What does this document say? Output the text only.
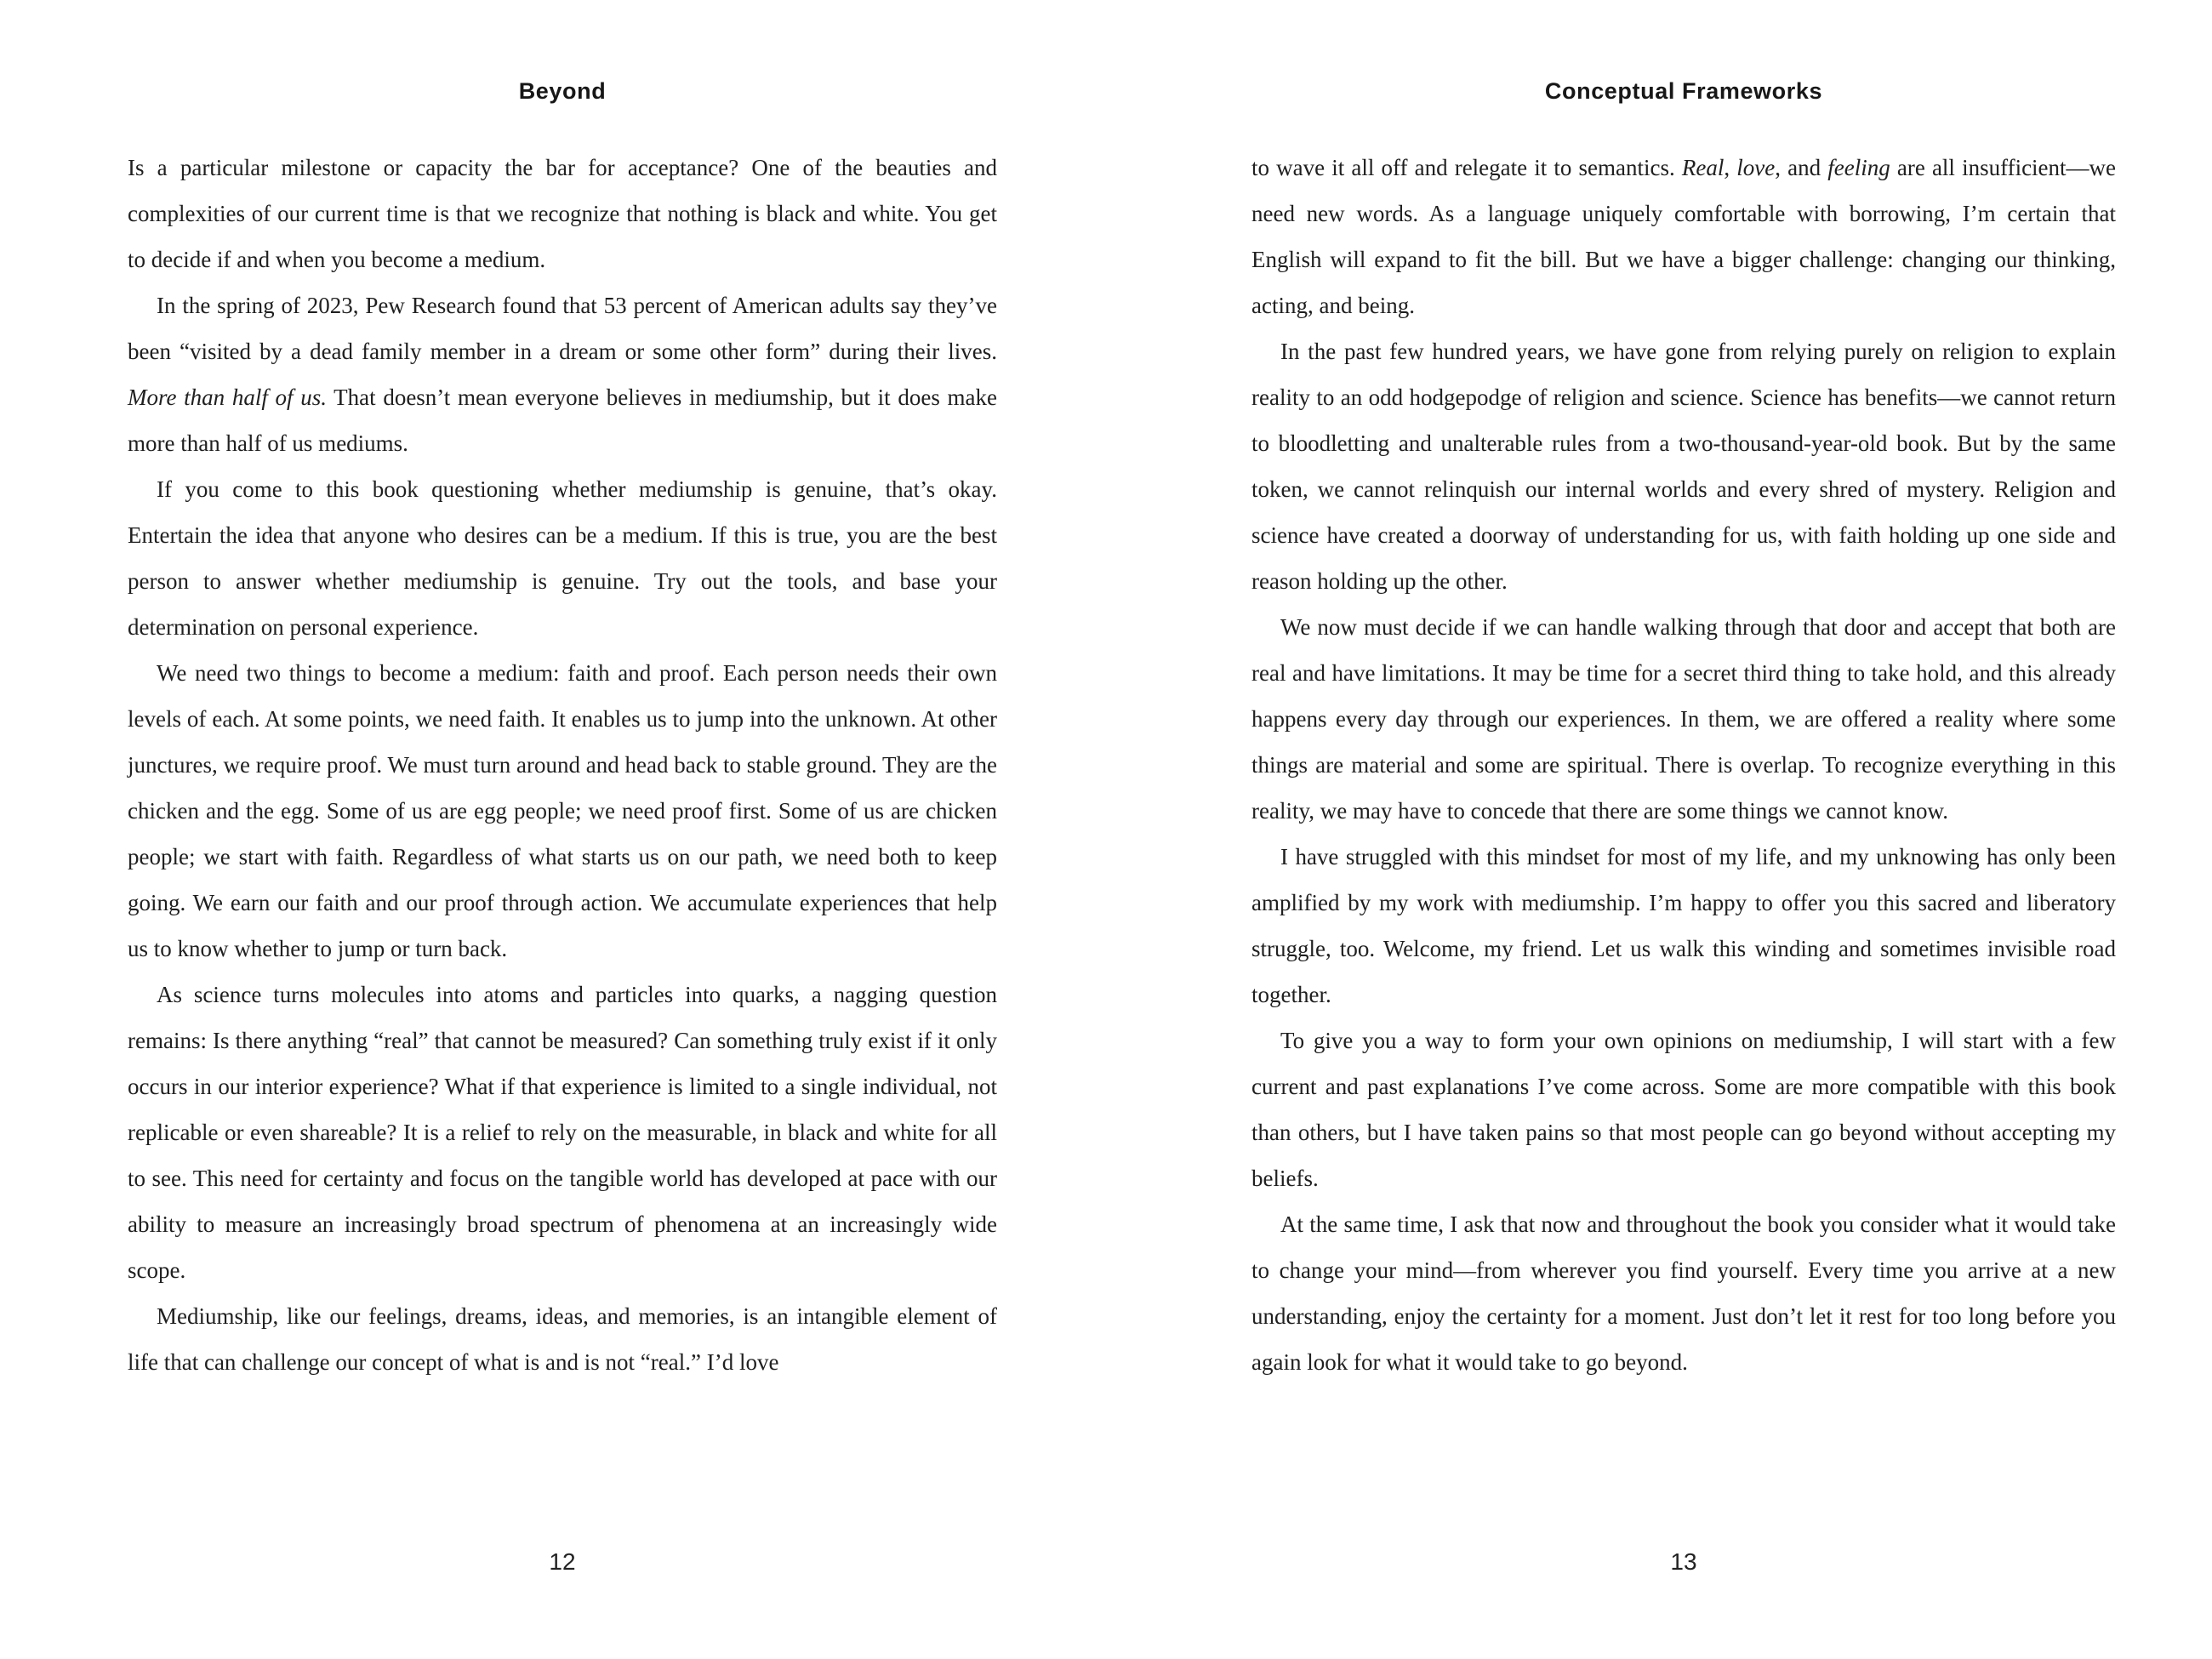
Beyond

Is a particular milestone or capacity the bar for acceptance? One of the beauties and complexities of our current time is that we recognize that nothing is black and white. You get to decide if and when you become a medium.

In the spring of 2023, Pew Research found that 53 percent of American adults say they’ve been “visited by a dead family member in a dream or some other form” during their lives. More than half of us. That doesn’t mean everyone believes in mediumship, but it does make more than half of us mediums.

If you come to this book questioning whether mediumship is genuine, that’s okay. Entertain the idea that anyone who desires can be a medium. If this is true, you are the best person to answer whether mediumship is genuine. Try out the tools, and base your determination on personal experience.

We need two things to become a medium: faith and proof. Each person needs their own levels of each. At some points, we need faith. It enables us to jump into the unknown. At other junctures, we require proof. We must turn around and head back to stable ground. They are the chicken and the egg. Some of us are egg people; we need proof first. Some of us are chicken people; we start with faith. Regardless of what starts us on our path, we need both to keep going. We earn our faith and our proof through action. We accumulate experiences that help us to know whether to jump or turn back.

As science turns molecules into atoms and particles into quarks, a nagging question remains: Is there anything “real” that cannot be measured? Can something truly exist if it only occurs in our interior experience? What if that experience is limited to a single individual, not replicable or even shareable? It is a relief to rely on the measurable, in black and white for all to see. This need for certainty and focus on the tangible world has developed at pace with our ability to measure an increasingly broad spectrum of phenomena at an increasingly wide scope.

Mediumship, like our feelings, dreams, ideas, and memories, is an intangible element of life that can challenge our concept of what is and is not “real.” I’d love

12
Conceptual Frameworks

to wave it all off and relegate it to semantics. Real, love, and feeling are all insufficient—we need new words. As a language uniquely comfortable with borrowing, I’m certain that English will expand to fit the bill. But we have a bigger challenge: changing our thinking, acting, and being.

In the past few hundred years, we have gone from relying purely on religion to explain reality to an odd hodgepodge of religion and science. Science has benefits—we cannot return to bloodletting and unalterable rules from a two-thousand-year-old book. But by the same token, we cannot relinquish our internal worlds and every shred of mystery. Religion and science have created a doorway of understanding for us, with faith holding up one side and reason holding up the other.

We now must decide if we can handle walking through that door and accept that both are real and have limitations. It may be time for a secret third thing to take hold, and this already happens every day through our experiences. In them, we are offered a reality where some things are material and some are spiritual. There is overlap. To recognize everything in this reality, we may have to concede that there are some things we cannot know.

I have struggled with this mindset for most of my life, and my unknowing has only been amplified by my work with mediumship. I’m happy to offer you this sacred and liberatory struggle, too. Welcome, my friend. Let us walk this winding and sometimes invisible road together.

To give you a way to form your own opinions on mediumship, I will start with a few current and past explanations I’ve come across. Some are more compatible with this book than others, but I have taken pains so that most people can go beyond without accepting my beliefs.

At the same time, I ask that now and throughout the book you consider what it would take to change your mind—from wherever you find yourself. Every time you arrive at a new understanding, enjoy the certainty for a moment. Just don’t let it rest for too long before you again look for what it would take to go beyond.

13
